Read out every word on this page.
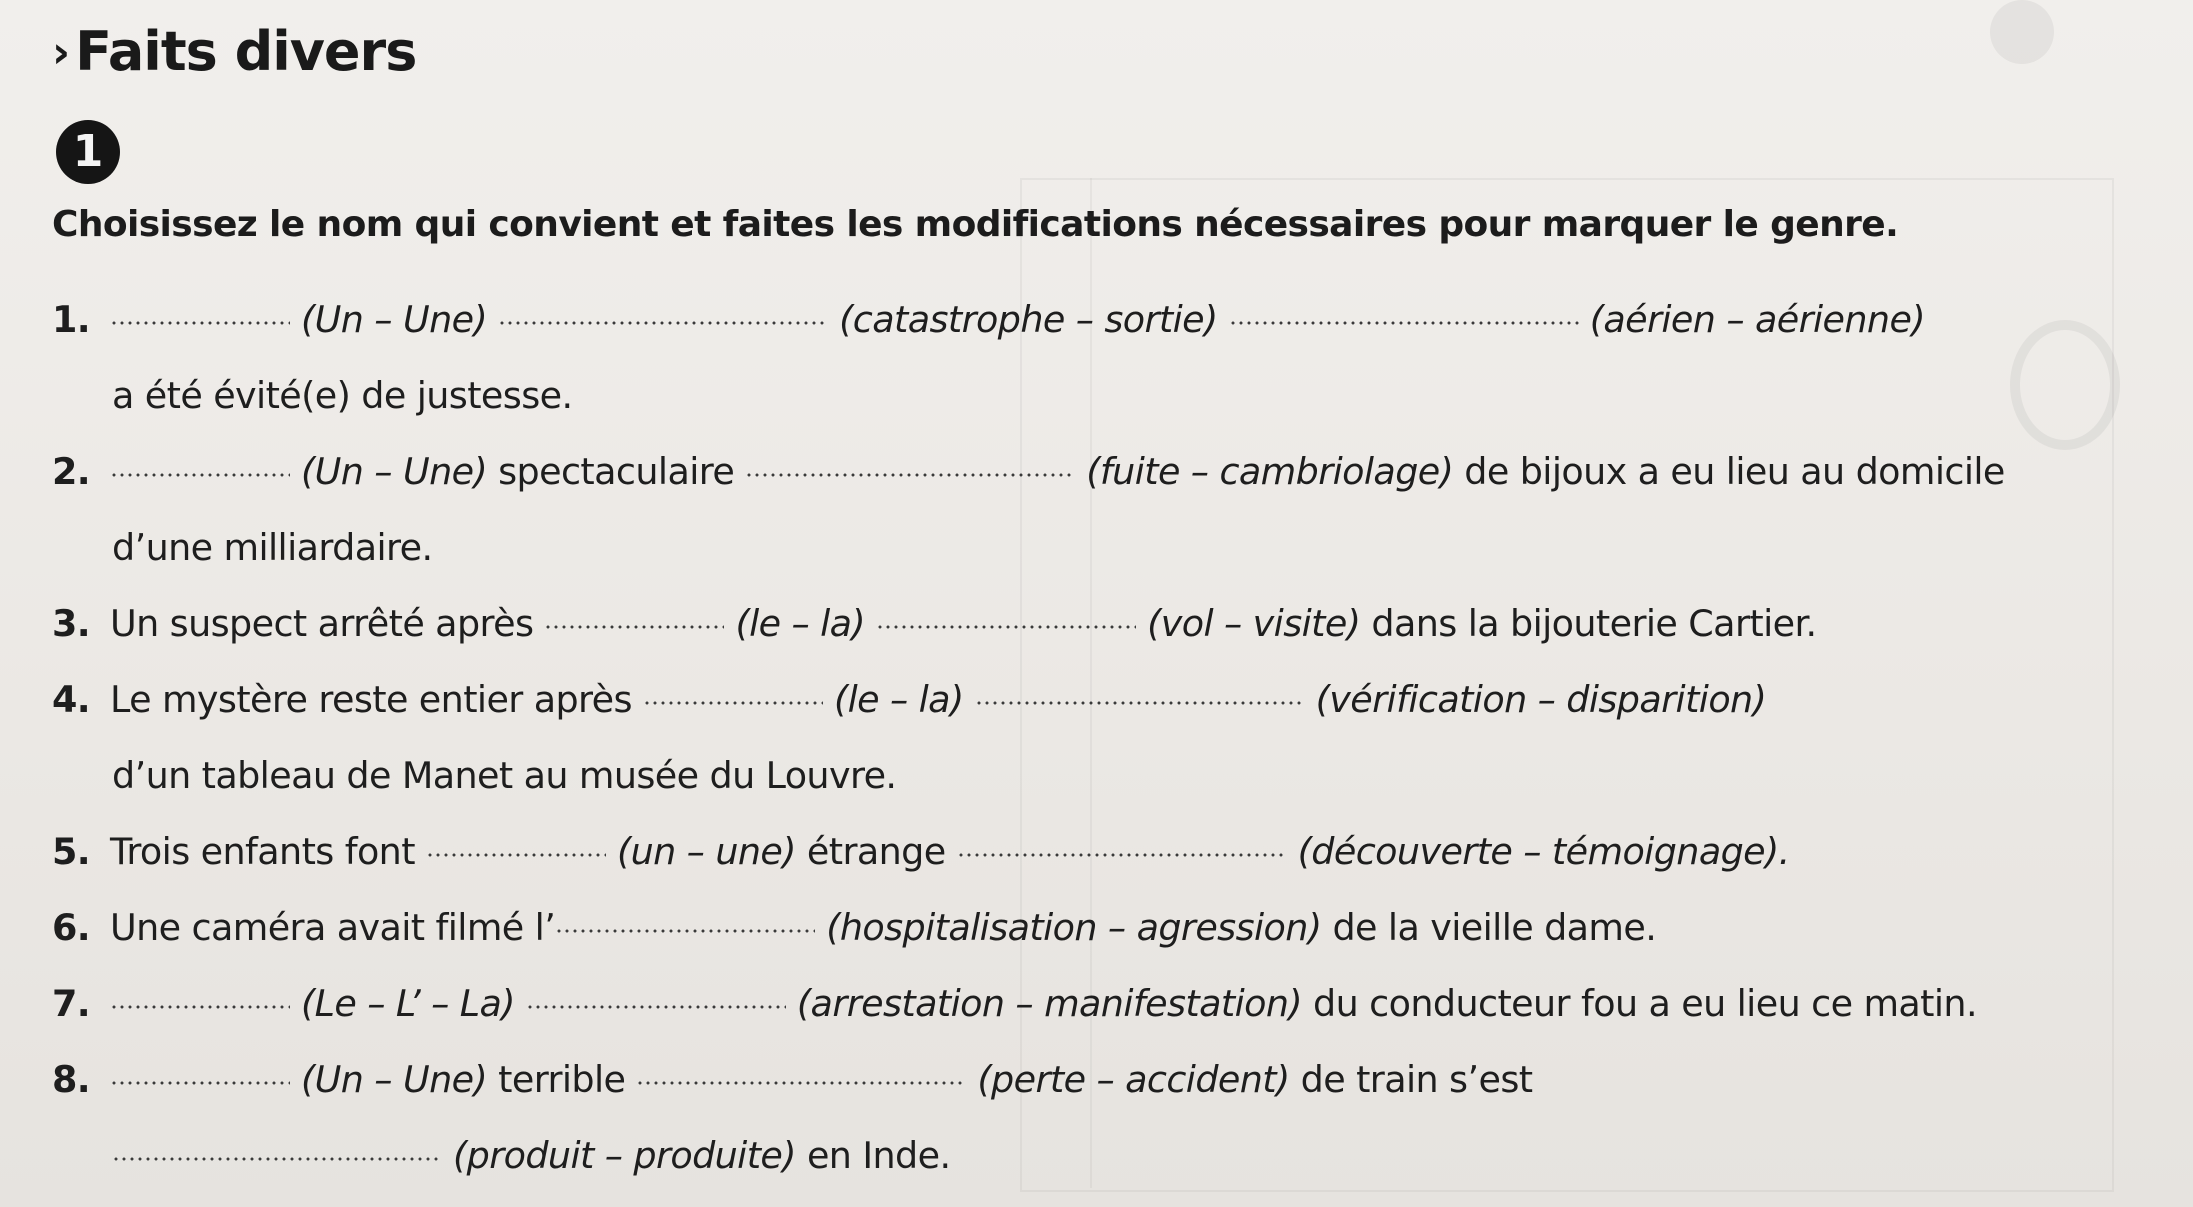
› Faits divers
1
Choisissez le nom qui convient et faites les modifications nécessaires pour marquer le genre.
1.	(Un – Une)	(catastrophe – sortie)	(aérien – aérienne)
a été évité(e) de justesse.
2.	(Un – Une) spectaculaire	(fuite – cambriolage) de bijoux a eu lieu au domicile
d’une milliardaire.
3. Un suspect arrêté après	(le – la)	(vol – visite) dans la bijouterie Cartier.
4. Le mystère reste entier après	(le – la)	(vérification – disparition)
d’un tableau de Manet au musée du Louvre.
5. Trois enfants font	(un – une) étrange	(découverte – témoignage).
6. Une caméra avait filmé l’	(hospitalisation – agression) de la vieille dame.
7.	(Le – L’ – La)	(arrestation – manifestation) du conducteur fou a eu lieu ce matin.
8.	(Un – Une) terrible	(perte – accident) de train s’est
(produit – produite) en Inde.
